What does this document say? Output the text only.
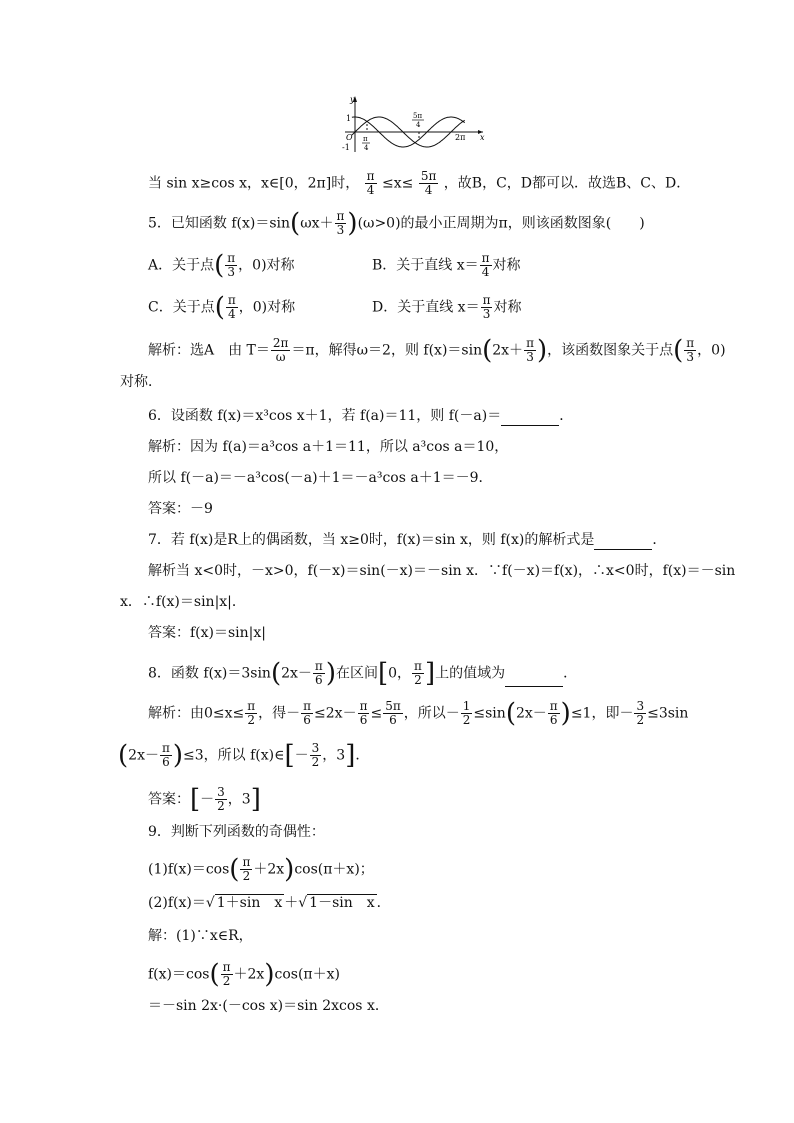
y
x
1
-1
O π
4
5π
4
2π
当 sin x≥cos x，x∈[0，2π]时， $\frac{\pi}{4} \le x\le \frac{5\pi}{4}$ ，故B，C，D都可以．故选B、C、D．
5．已知函数 $f(x)=\sin(\omega x+ \frac{\pi}{3} )(\omega>0)$的最小正周期为π，则该函数图象(　　)
A．关于点( $\frac{\pi}{3}$ ，0)对称	B．关于直线 $x= \frac{\pi}{4}$ 对称
C．关于点( $\frac{\pi}{4}$ ，0)对称	D．关于直线 $x= \frac{\pi}{3}$ 对称
解析：选A　由 $T= \frac{2\pi}{\omega} =\pi$，解得ω＝2，则 $f(x)=\sin(2x+ \frac{\pi}{3}$ )，该函数图象关于点( $\frac{\pi}{3}$ ，0)
对称．
6．设函数 f(x)＝x³cos x＋1，若 f(a)＝11，则 f(－a)＝	．
解析：因为 f(a)＝a³cos a＋1＝11，所以 a³cos a＝10，
所以 f(－a)＝－a³cos(－a)＋1＝－a³cos a＋1＝－9．
答案：－9
7．若 f(x)是R上的偶函数，当 x≥0时，f(x)＝sin x，则 f(x)的解析式是	．
解析当 x<0时，－x>0，f(－x)＝sin(－x)＝－sin x．∵f(－x)＝f(x)，∴x<0时，f(x)＝－sin
x．∴f(x)＝sin|x|．
答案：f(x)＝sin|x|
8．函数 $f(x)=3\sin(2x- \frac{\pi}{6}$ )在区间[0， $\frac{\pi}{2}$ ]上的值域为	．
解析：由$0\le x\le \frac{\pi}{2}$ ，得－ $\frac{\pi}{6} \le 2x- \frac{\pi}{6} \le \frac{5\pi}{6}$ ，所以－ $\frac{1}{2} \le\sin(2x- \frac{\pi}{6} )\le 1$，即－ $\frac{3}{2} \le 3\sin$
$(2x- \frac{\pi}{6} )\le 3$，所以 f(x)∈[－ $\frac{3}{2}$ ，3]．
答案：[－ $\frac{3}{2}$ ，3]
9．判断下列函数的奇偶性：
$(1)f(x)=\cos( \frac{\pi}{2} +2x)\cos(\pi+x)$；
(2)f(x)＝√ 1＋sin　x ＋√ 1－sin　x ．
解：(1)∵x∈R，
$f(x)=\cos( \frac{\pi}{2} +2x)\cos(\pi+x)$
＝－sin 2x·(－cos x)＝sin 2xcos x．
